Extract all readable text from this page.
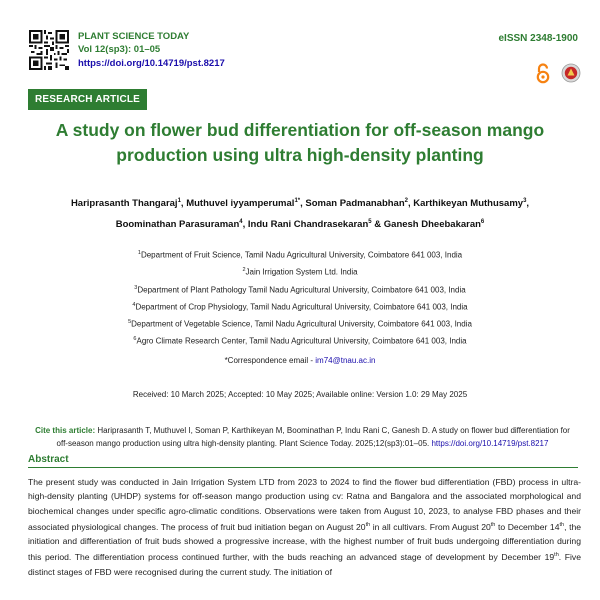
PLANT SCIENCE TODAY
Vol 12(sp3): 01–05
https://doi.org/10.14719/pst.8217
eISSN 2348-1900
RESEARCH ARTICLE
A study on flower bud differentiation for off-season mango production using ultra high-density planting
Hariprasanth Thangaraj$^1$, Muthuvel iyyamperumal$^{1*}$, Soman Padmanabhan$^2$, Karthikeyan Muthusamy$^3$,
Boominathan Parasuraman$^4$, Indu Rani Chandrasekaran$^5$ & Ganesh Dheebakaran$^6$
$^1$Department of Fruit Science, Tamil Nadu Agricultural University, Coimbatore 641 003, India
$^2$Jain Irrigation System Ltd. India
$^3$Department of Plant Pathology Tamil Nadu Agricultural University, Coimbatore 641 003, India
$^4$Department of Crop Physiology, Tamil Nadu Agricultural University, Coimbatore 641 003, India
$^5$Department of Vegetable Science, Tamil Nadu Agricultural University, Coimbatore 641 003, India
$^6$Agro Climate Research Center, Tamil Nadu Agricultural University, Coimbatore 641 003, India
*Correspondence email - im74@tnau.ac.in
Received: 10 March 2025; Accepted: 10 May 2025; Available online: Version 1.0: 29 May 2025
Cite this article: Hariprasanth T, Muthuvel I, Soman P, Karthikeyan M, Boominathan P, Indu Rani C, Ganesh D. A study on flower bud differentiation for off-season mango production using ultra high-density planting. Plant Science Today. 2025;12(sp3):01–05. https://doi.org/10.14719/pst.8217
Abstract
The present study was conducted in Jain Irrigation System LTD from 2023 to 2024 to find the flower bud differentiation (FBD) process in ultra-high-density planting (UHDP) systems for off-season mango production using cv: Ratna and Bangalora and the associated morphological and biochemical changes under specific agro-climatic conditions. Observations were taken from August 10, 2023, to analyse FBD phases and their associated physiological changes. The process of fruit bud initiation began on August 20th in all cultivars. From August 20th to December 14th, the initiation and differentiation of fruit buds showed a progressive increase, with the highest number of fruit buds undergoing differentiation during this period. The differentiation process continued further, with the buds reaching an advanced stage of development by December 19th. Five distinct stages of FBD were recognised during the current study. The initiation of
